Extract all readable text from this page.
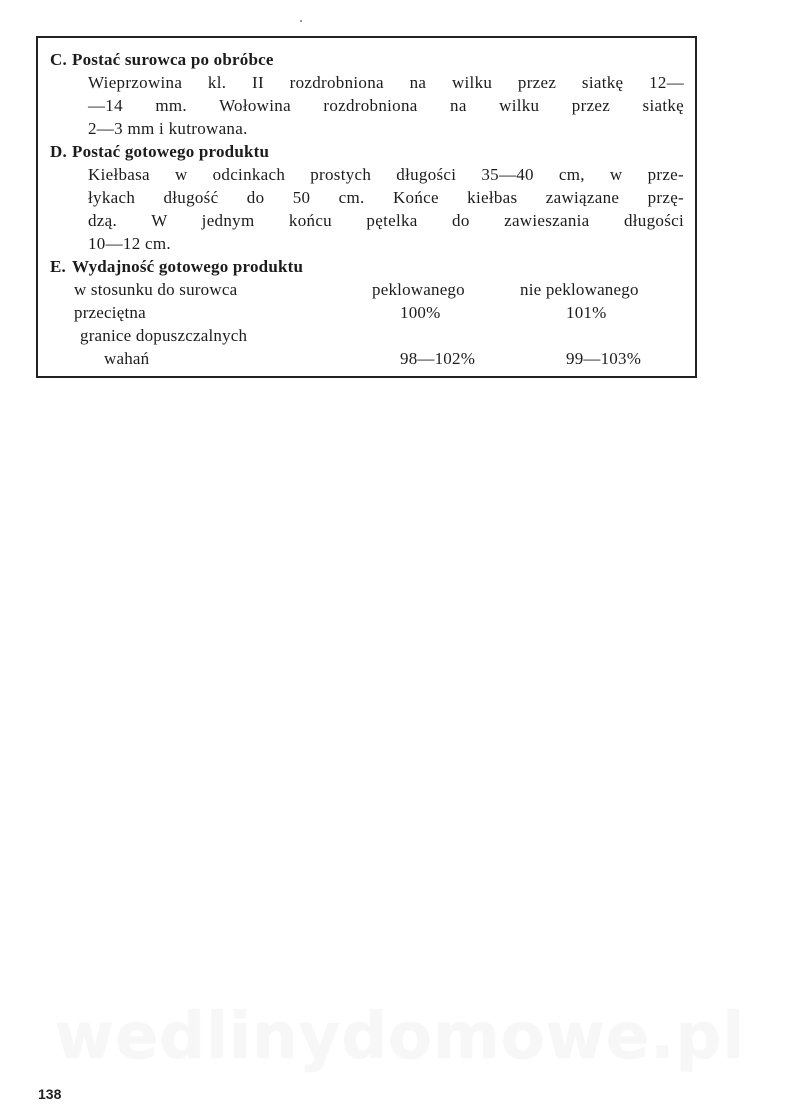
C. Postać surowca po obróbce
Wieprzowina kl. II rozdrobniona na wilku przez siatkę 12—
—14 mm. Wołowina rozdrobniona na wilku przez siatkę
2—3 mm i kutrowana.
D. Postać gotowego produktu
Kiełbasa w odcinkach prostych długości 35—40 cm, w prze-
łykach długość do 50 cm. Końce kiełbas zawiązane przę-
dzą. W jednym końcu pętelka do zawieszania długości
10—12 cm.
E. Wydajność gotowego produktu
w stosunku do surowca	peklowanego	nie peklowanego
przeciętna	100%	101%
granice dopuszczalnych
wahań	98—102%	99—103%
wedlinydomowe.pl
138
